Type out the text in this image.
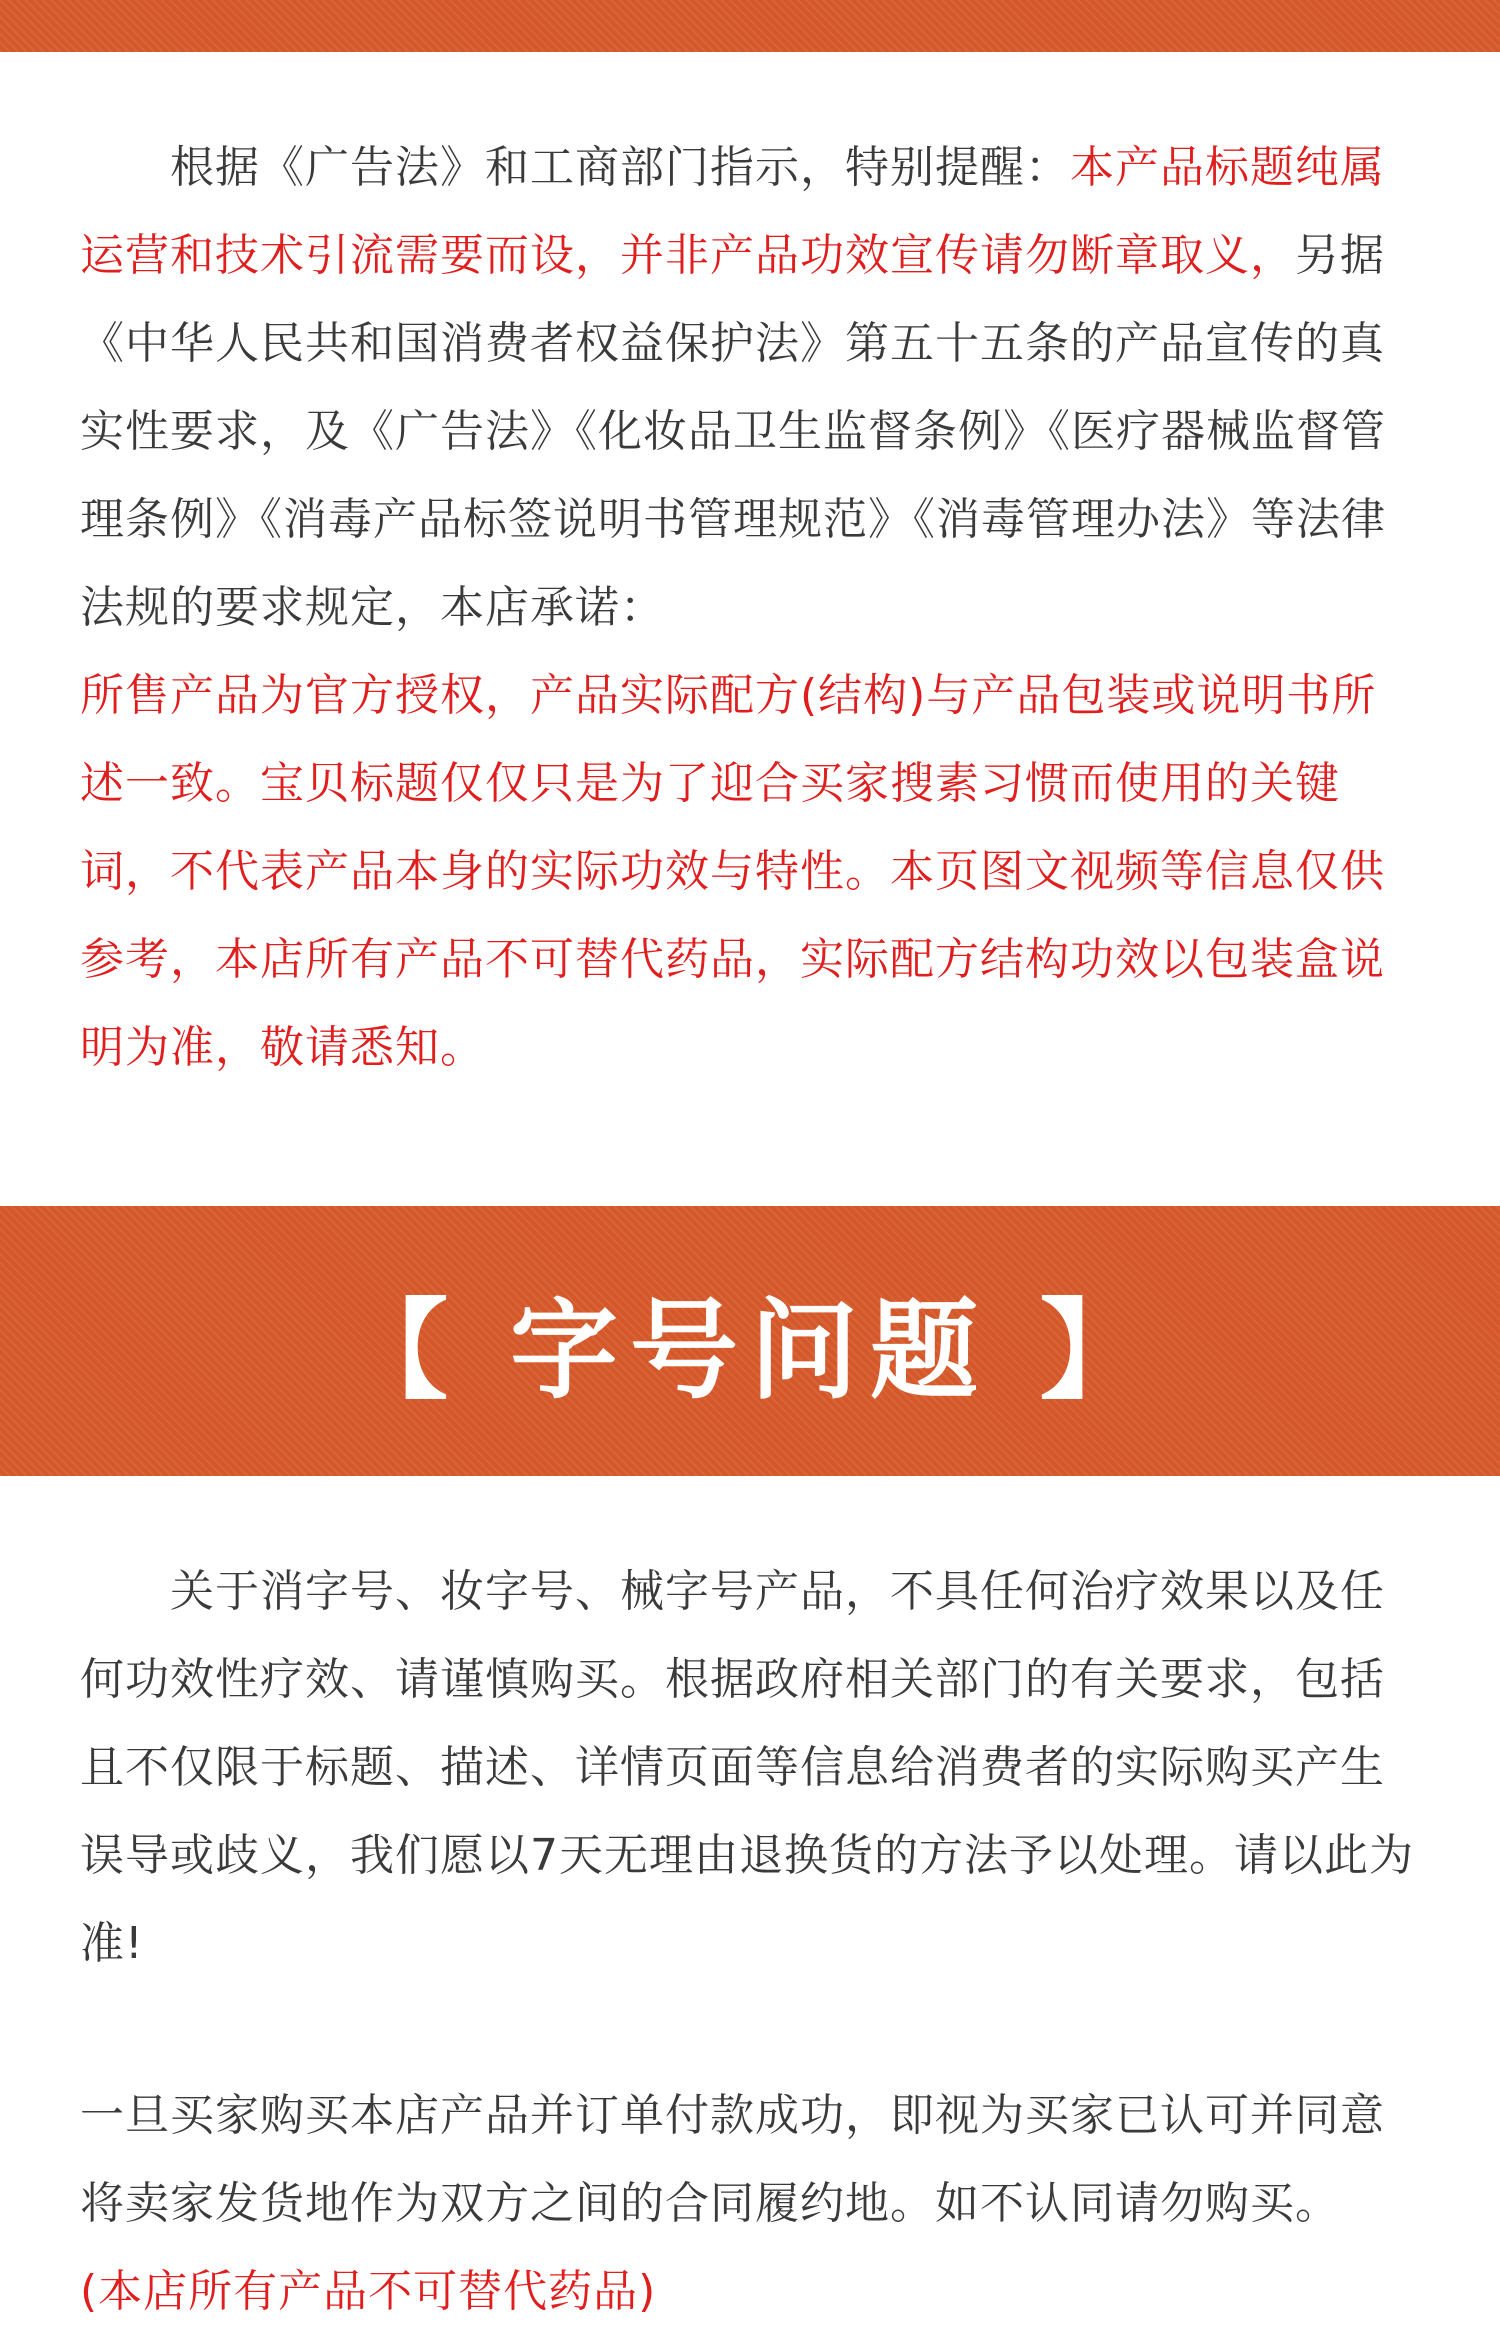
根据《广告法》和工商部门指示，特别提醒：本产品标题纯属运营和技术引流需要而设，并非产品功效宣传请勿断章取义，另据《中华人民共和国消费者权益保护法》第五十五条的产品宣传的真实性要求，及《广告法》《化妆品卫生监督条例》《医疗器械监督管理条例》《消毒产品标签说明书管理规范》《消毒管理办法》等法律法规的要求规定，本店承诺：

所售产品为官方授权，产品实际配方(结构)与产品包装或说明书所述一致。宝贝标题仅仅只是为了迎合买家搜素习惯而使用的关键词，不代表产品本身的实际功效与特性。本页图文视频等信息仅供参考，本店所有产品不可替代药品，实际配方结构功效以包装盒说明为准，敬请悉知。

【 字号问题 】

关于消字号、妆字号、械字号产品，不具任何治疗效果以及任何功效性疗效、请谨慎购买。根据政府相关部门的有关要求，包括且不仅限于标题、描述、详情页面等信息给消费者的实际购买产生误导或歧义，我们愿以7天无理由退换货的方法予以处理。请以此为准!

一旦买家购买本店产品并订单付款成功，即视为买家已认可并同意将卖家发货地作为双方之间的合同履约地。如不认同请勿购买。

(本店所有产品不可替代药品)
